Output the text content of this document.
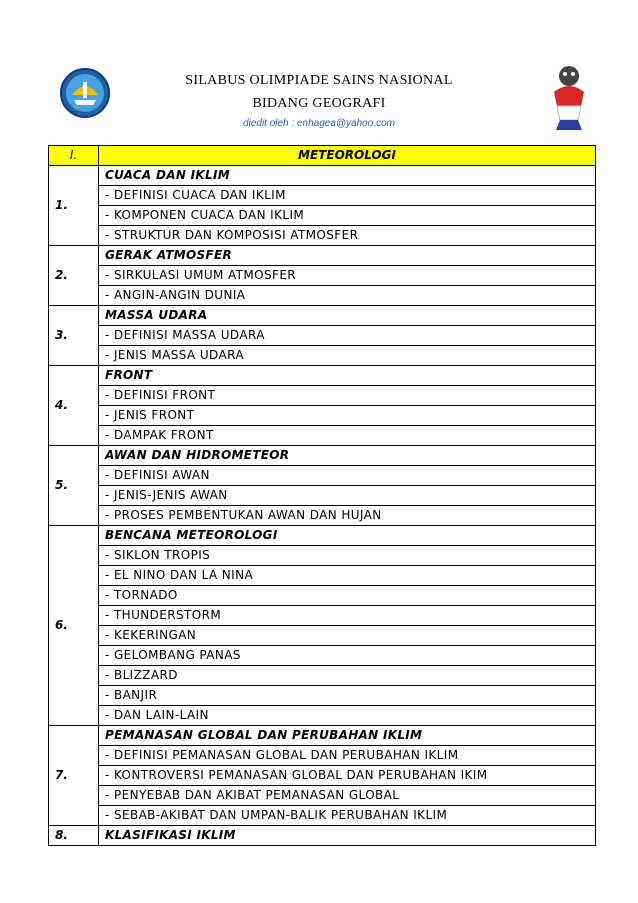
SILABUS OLIMPIADE SAINS NASIONAL
BIDANG GEOGRAFI
diedit oleh : enhagea@yahoo.com
I.	METEOROLOGI
1.	CUACA DAN IKLIM
	- DEFINISI CUACA DAN IKLIM
	- KOMPONEN CUACA DAN IKLIM
	- STRUKTUR DAN KOMPOSISI ATMOSFER
2.	GERAK ATMOSFER
	- SIRKULASI UMUM ATMOSFER
	- ANGIN-ANGIN DUNIA
3.	MASSA UDARA
	- DEFINISI MASSA UDARA
	- JENIS MASSA UDARA
4.	FRONT
	- DEFINISI FRONT
	- JENIS FRONT
	- DAMPAK FRONT
5.	AWAN DAN HIDROMETEOR
	- DEFINISI AWAN
	- JENIS-JENIS AWAN
	- PROSES PEMBENTUKAN AWAN DAN HUJAN
6.	BENCANA METEOROLOGI
	- SIKLON TROPIS
	- EL NINO DAN LA NINA
	- TORNADO
	- THUNDERSTORM
	- KEKERINGAN
	- GELOMBANG PANAS
	- BLIZZARD
	- BANJIR
	- DAN LAIN-LAIN
7.	PEMANASAN GLOBAL DAN PERUBAHAN IKLIM
	- DEFINISI PEMANASAN GLOBAL DAN PERUBAHAN IKLIM
	- KONTROVERSI PEMANASAN GLOBAL DAN PERUBAHAN IKIM
	- PENYEBAB DAN AKIBAT PEMANASAN GLOBAL
	- SEBAB-AKIBAT DAN UMPAN-BALIK PERUBAHAN IKLIM
8.	KLASIFIKASI IKLIM
